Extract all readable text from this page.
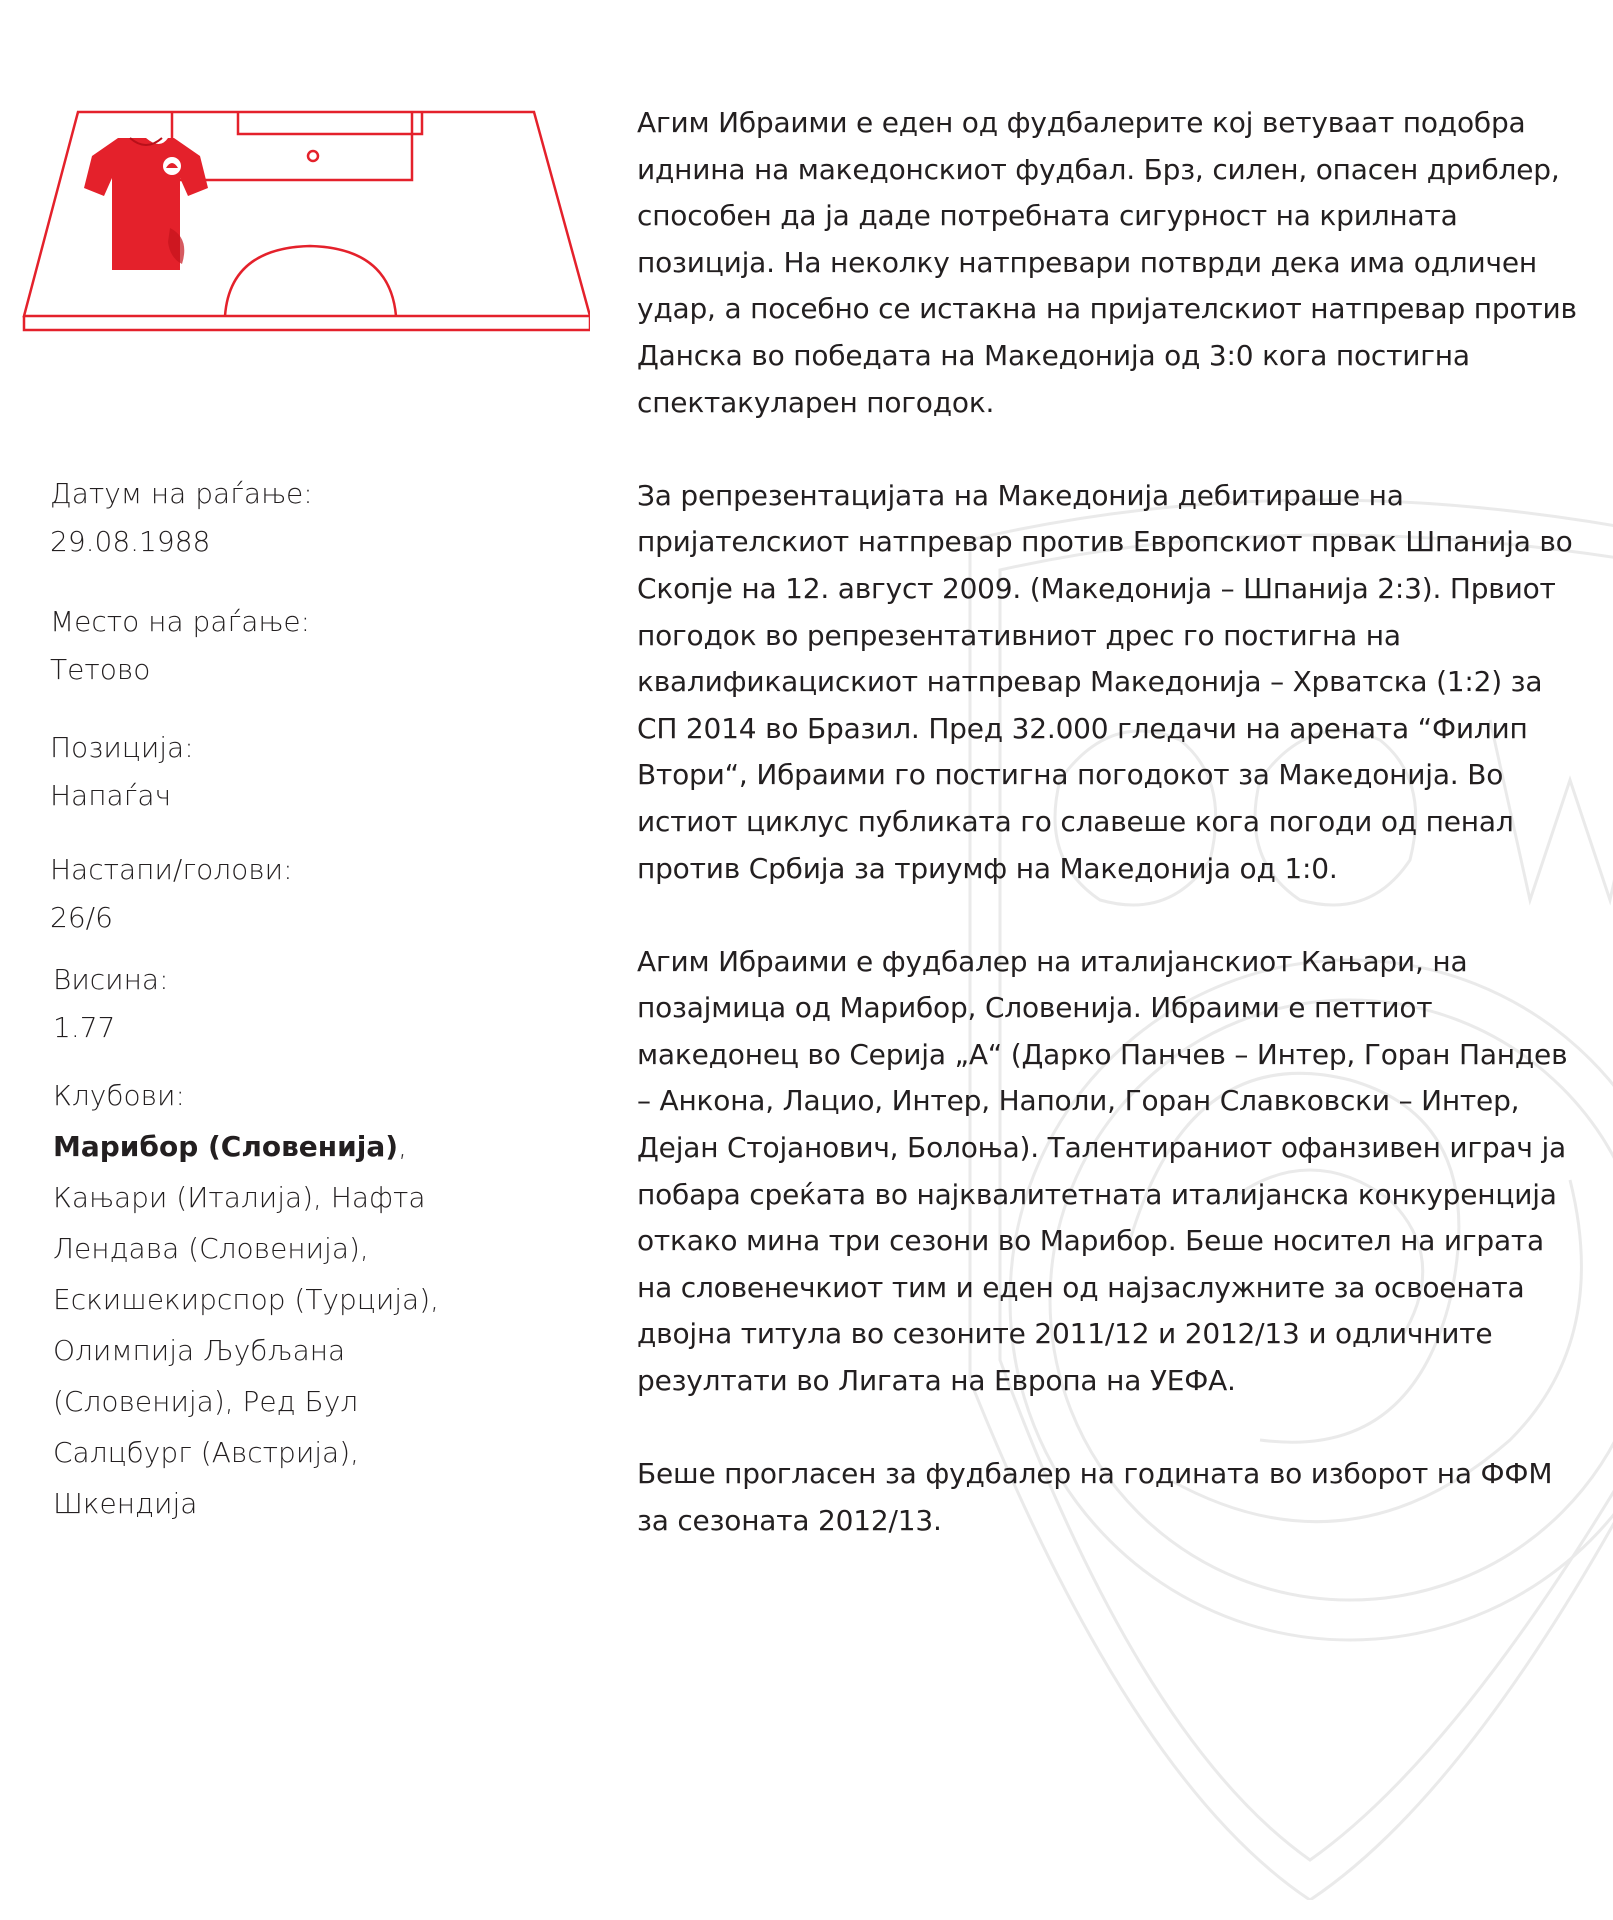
Датум на раѓање:
29.08.1988
Место на раѓање:
Тетово
Позиција:
Напаѓач
Настапи/голови:
26/6
Висина:
1.77
Клубови:
Марибор (Словенија), Кањари (Италија), Нафта Лендава (Словенија), Ескишекирспор (Турција), Олимпија Љубљана (Словенија), Ред Бул Салцбург (Австрија), Шкендија

Агим Ибраими е еден од фудбалерите кој ветуваат подобра иднина на македонскиот фудбал. Брз, силен, опасен дриблер, способен да ја даде потребната сигурност на крилната позиција. На неколку натпревари потврди дека има одличен удар, а посебно се истакна на пријателскиот натпревар против Данска во победата на Македонија од 3:0 кога постигна спектакуларен погодок.

За репрезентацијата на Македонија дебитираше на пријателскиот натпревар против Европскиот првак Шпанија во Скопје на 12. август 2009. (Македонија – Шпанија 2:3). Првиот погодок во репрезентативниот дрес го постигна на квалификацискиот натпревар Македонија – Хрватска (1:2) за СП 2014 во Бразил. Пред 32.000 гледачи на арената “Филип Втори“, Ибраими го постигна погодокот за Македонија. Во истиот циклус публиката го славеше кога погоди од пенал против Србија за триумф на Македонија од 1:0.

Агим Ибраими е фудбалер на италијанскиот Кањари, на позајмица од Марибор, Словенија. Ибраими е петтиот македонец во Серија „А“ (Дарко Панчев – Интер, Горан Пандев – Анкона, Лацио, Интер, Наполи, Горан Славковски – Интер, Дејан Стојанович, Болоња). Талентираниот офанзивен играч ја побара среќата во најквалитетната италијанска конкуренција откако мина три сезони во Марибор. Беше носител на играта на словенечкиот тим и еден од најзаслужните за освоената двојна титула во сезоните 2011/12 и 2012/13 и одличните резултати во Лигата на Европа на УЕФА.

Беше прогласен за фудбалер на годината во изборот на ФФМ за сезоната 2012/13.
